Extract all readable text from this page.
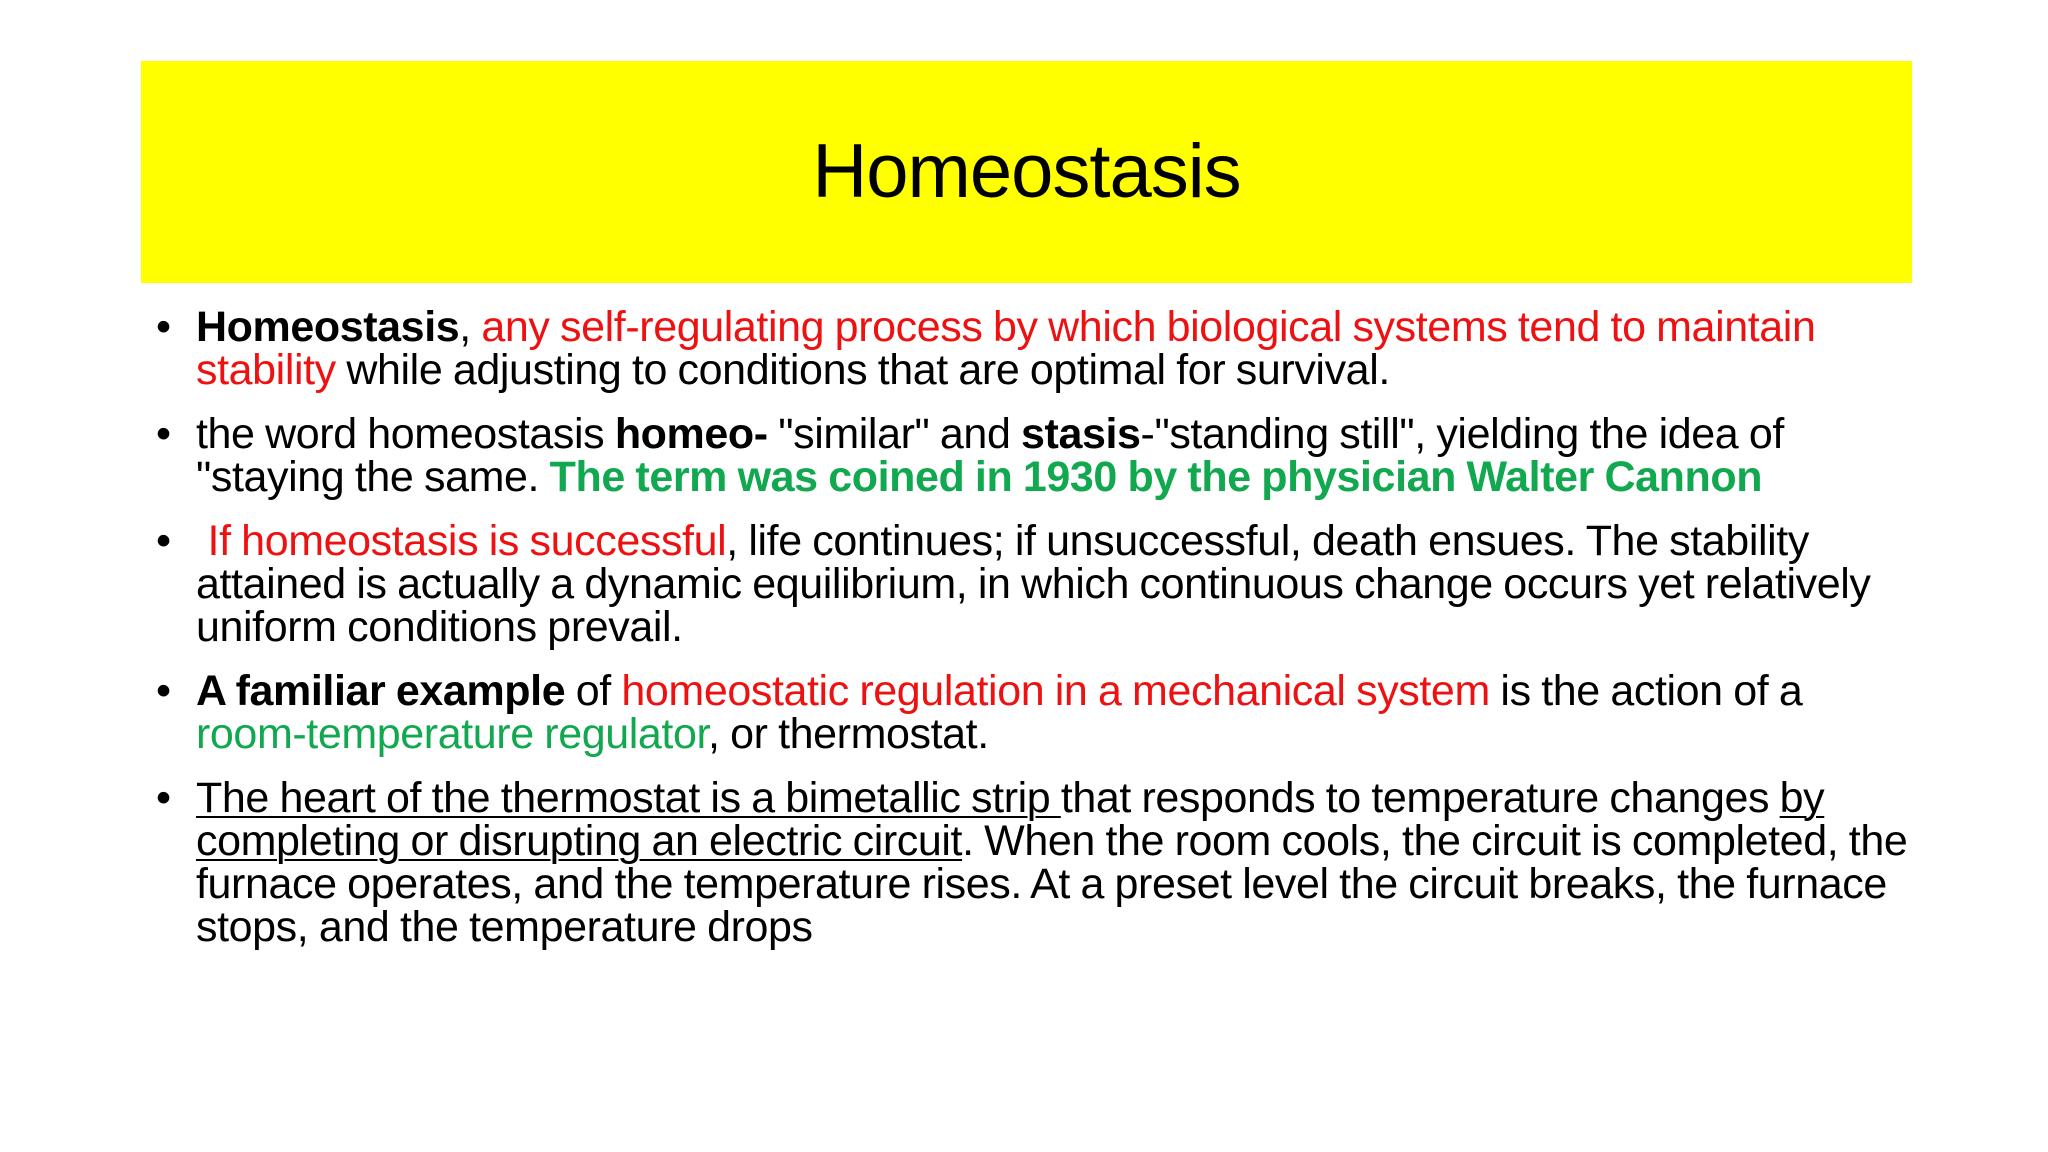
Homeostasis
• Homeostasis, any self-regulating process by which biological systems tend to maintain stability while adjusting to conditions that are optimal for survival.
• the word homeostasis homeo- "similar" and stasis-"standing still", yielding the idea of "staying the same. The term was coined in 1930 by the physician Walter Cannon
• If homeostasis is successful, life continues; if unsuccessful, death ensues. The stability attained is actually a dynamic equilibrium, in which continuous change occurs yet relatively uniform conditions prevail.
• A familiar example of homeostatic regulation in a mechanical system is the action of a room-temperature regulator, or thermostat.
• The heart of the thermostat is a bimetallic strip that responds to temperature changes by completing or disrupting an electric circuit. When the room cools, the circuit is completed, the furnace operates, and the temperature rises. At a preset level the circuit breaks, the furnace stops, and the temperature drops
